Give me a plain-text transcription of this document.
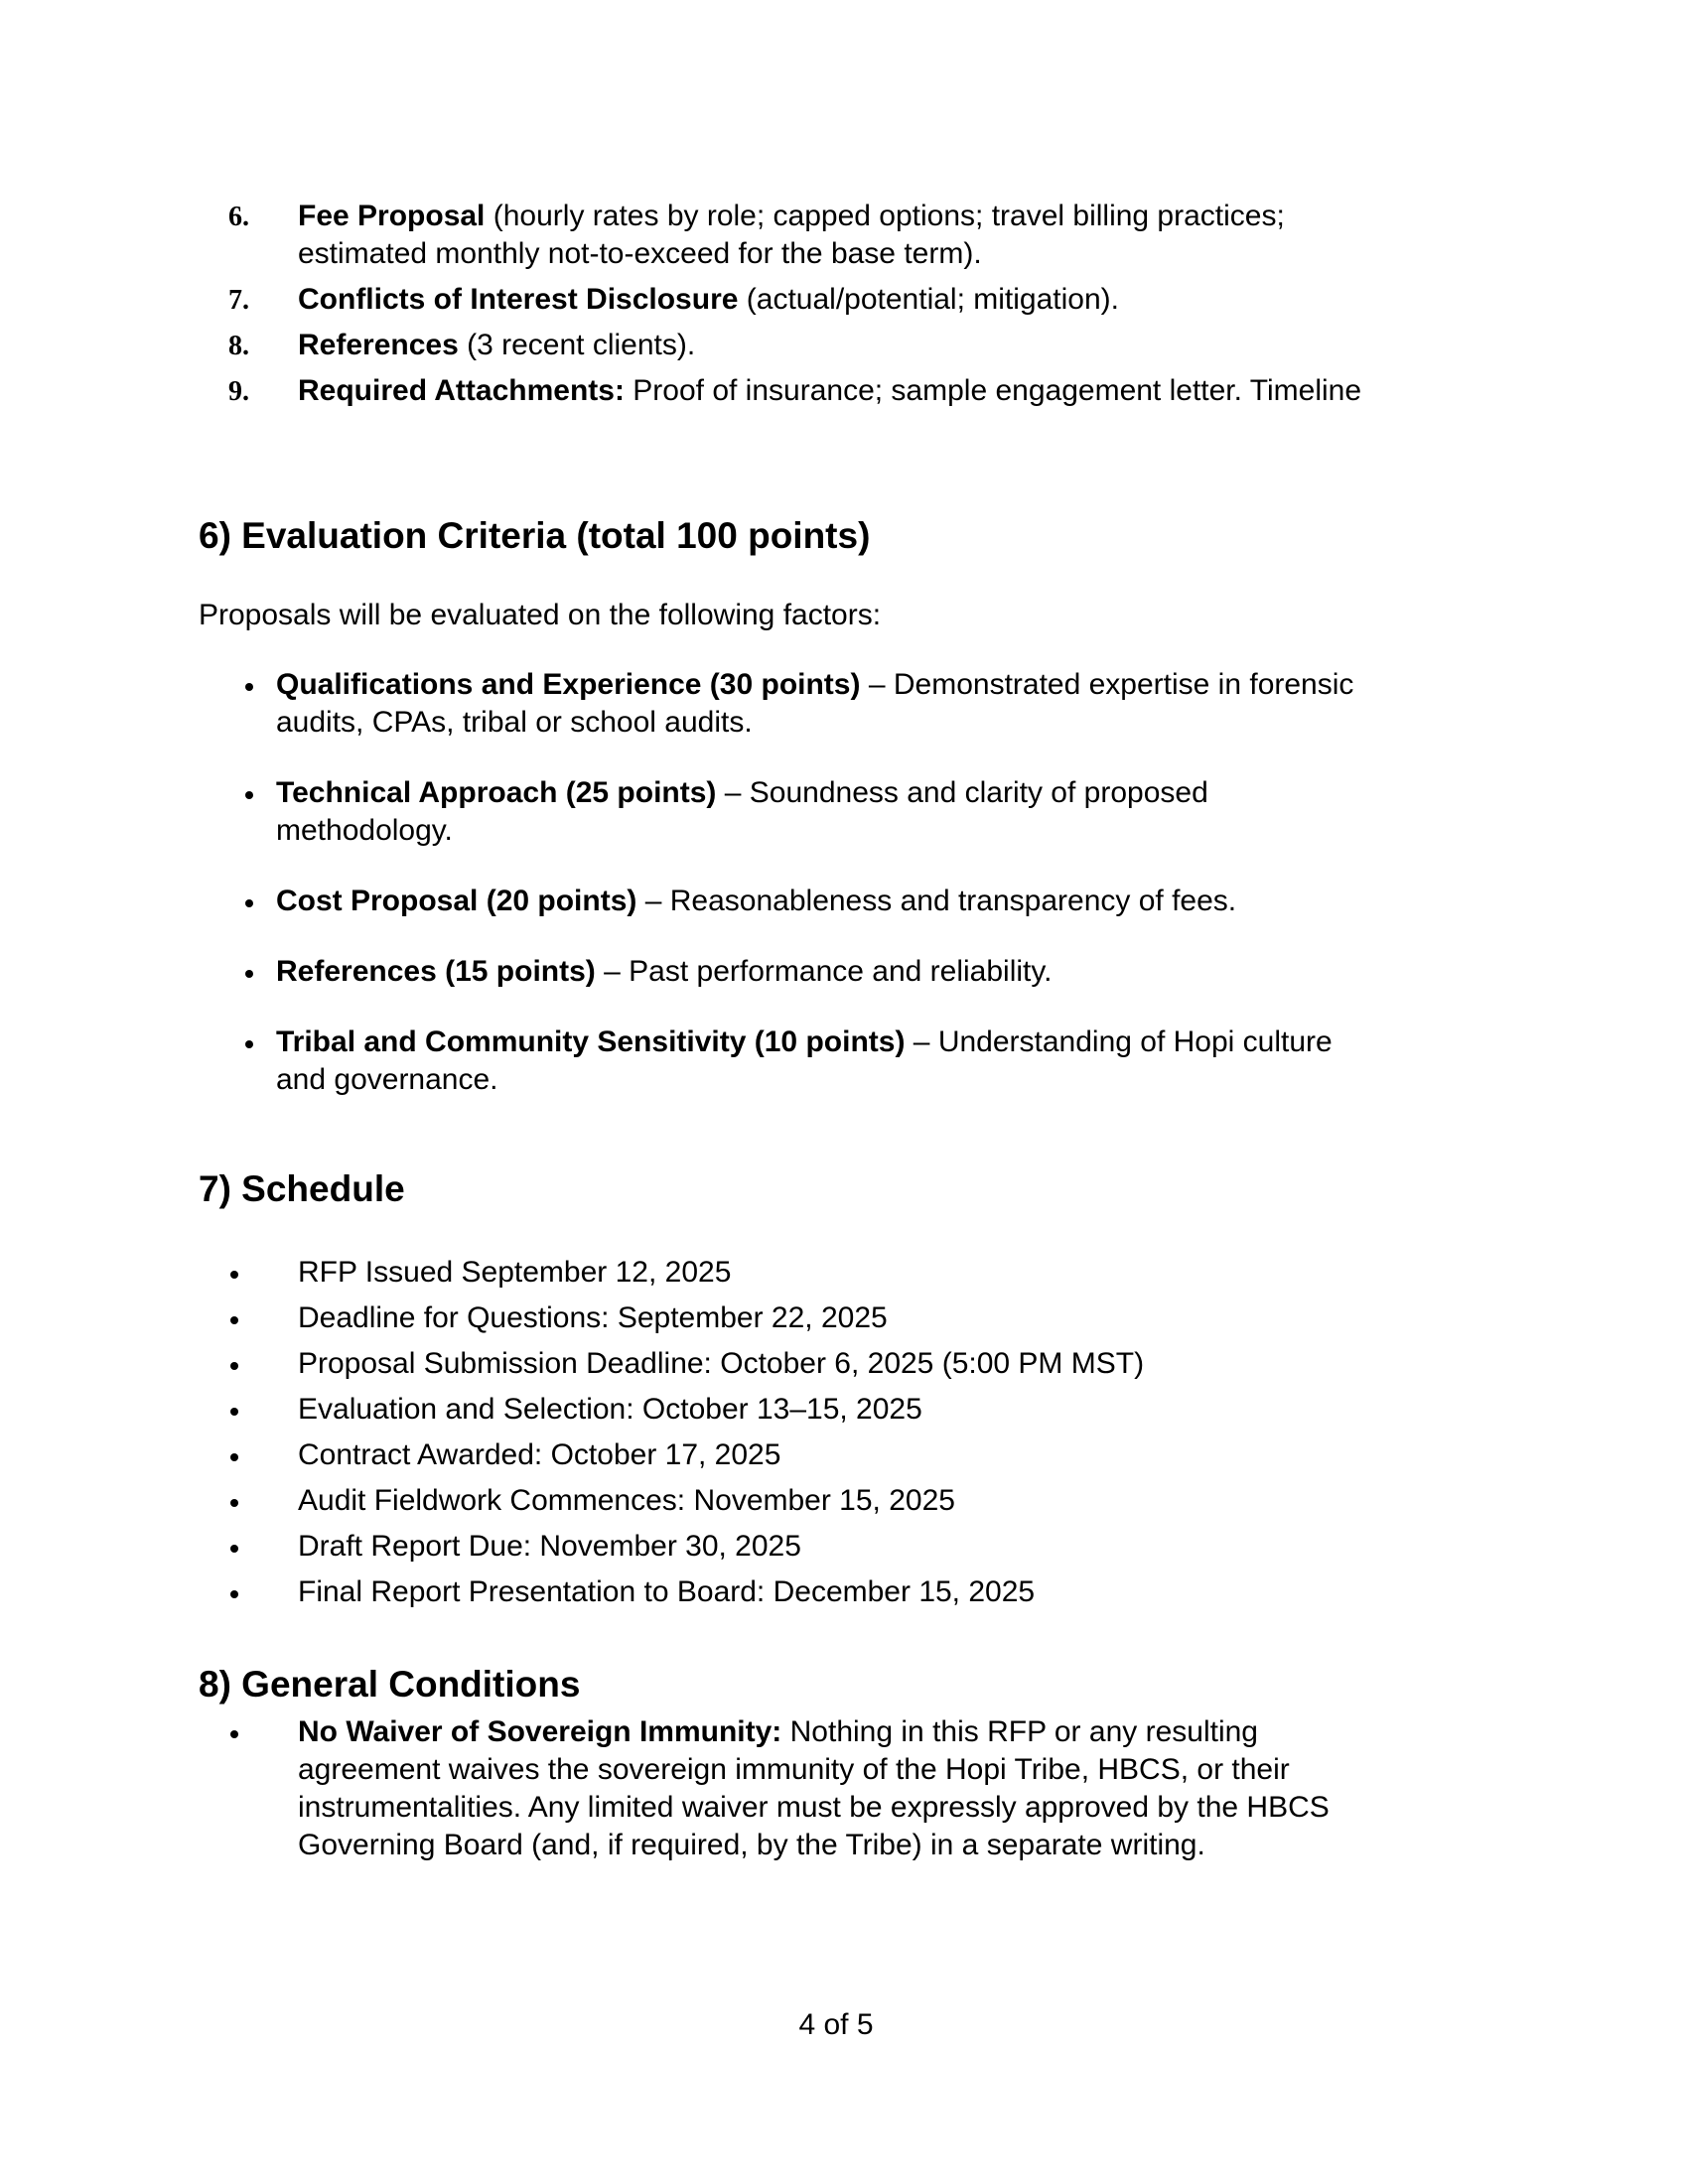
6. Fee Proposal (hourly rates by role; capped options; travel billing practices;
estimated monthly not-to-exceed for the base term).
7. Conflicts of Interest Disclosure (actual/potential; mitigation).
8. References (3 recent clients).
9. Required Attachments: Proof of insurance; sample engagement letter. Timeline
6) Evaluation Criteria (total 100 points)
Proposals will be evaluated on the following factors:
Qualifications and Experience (30 points) – Demonstrated expertise in forensic
audits, CPAs, tribal or school audits.
Technical Approach (25 points) – Soundness and clarity of proposed
methodology.
Cost Proposal (20 points) – Reasonableness and transparency of fees.
References (15 points) – Past performance and reliability.
Tribal and Community Sensitivity (10 points) – Understanding of Hopi culture
and governance.
7) Schedule
RFP Issued September 12, 2025
Deadline for Questions: September 22, 2025
Proposal Submission Deadline: October 6, 2025 (5:00 PM MST)
Evaluation and Selection: October 13–15, 2025
Contract Awarded: October 17, 2025
Audit Fieldwork Commences: November 15, 2025
Draft Report Due: November 30, 2025
Final Report Presentation to Board: December 15, 2025
8) General Conditions
No Waiver of Sovereign Immunity: Nothing in this RFP or any resulting
agreement waives the sovereign immunity of the Hopi Tribe, HBCS, or their
instrumentalities. Any limited waiver must be expressly approved by the HBCS
Governing Board (and, if required, by the Tribe) in a separate writing.
4 of 5
